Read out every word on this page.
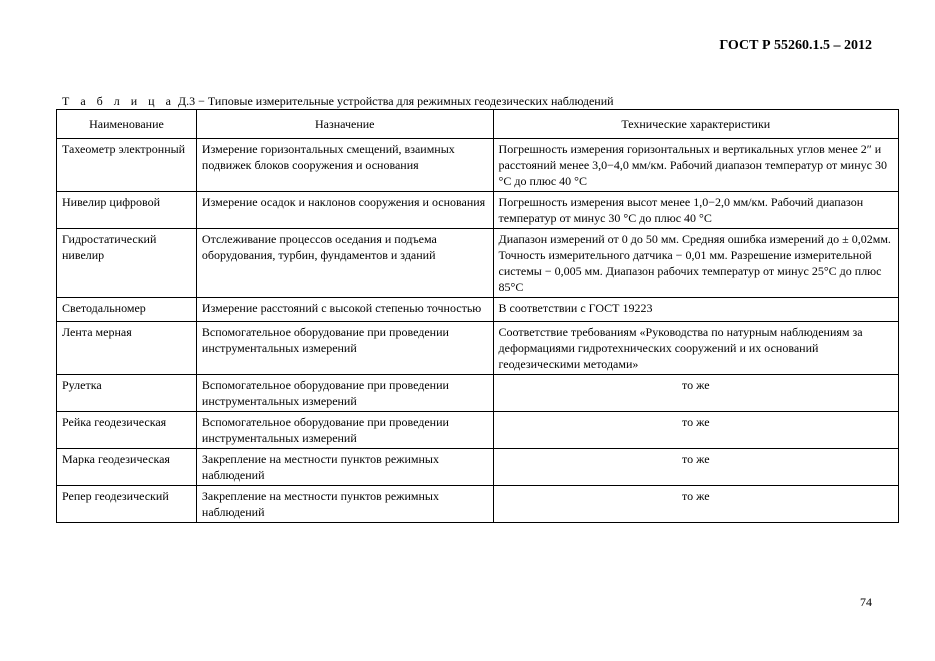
ГОСТ Р 55260.1.5 – 2012
Т а б л и ц а Д.3 − Типовые измерительные устройства для режимных геодезических наблюдений
Наименование	Назначение	Технические характеристики
Тахеометр электронный	Измерение горизонтальных смещений, взаимных подвижек блоков сооружения и основания	Погрешность измерения горизонтальных и вертикальных углов менее 2″ и расстояний менее 3,0−4,0 мм/км. Рабочий диапазон температур от минус 30 °С до плюс 40 °С
Нивелир цифровой	Измерение осадок и наклонов сооружения и основания	Погрешность измерения высот менее 1,0−2,0 мм/км. Рабочий диапазон температур от минус 30 °С до плюс 40 °С
Гидростатический нивелир	Отслеживание процессов оседания и подъема оборудования, турбин, фундаментов и зданий	Диапазон измерений от 0 до 50 мм. Средняя ошибка измерений до ± 0,02мм. Точность измерительного датчика − 0,01 мм. Разрешение измерительной системы − 0,005 мм. Диапазон рабочих температур от минус 25°С до плюс 85°С
Светодальномер	Измерение расстояний с высокой степенью точностью	В соответствии с ГОСТ 19223
Лента мерная	Вспомогательное оборудование при проведении инструментальных измерений	Соответствие требованиям «Руководства по натурным наблюдениям за деформациями гидротехнических сооружений и их оснований геодезическими методами»
Рулетка	Вспомогательное оборудование при проведении инструментальных измерений	то же
Рейка геодезическая	Вспомогательное оборудование при проведении инструментальных измерений	то же
Марка геодезическая	Закрепление на местности пунктов режимных наблюдений	то же
Репер геодезический	Закрепление на местности пунктов режимных наблюдений	то же
74
